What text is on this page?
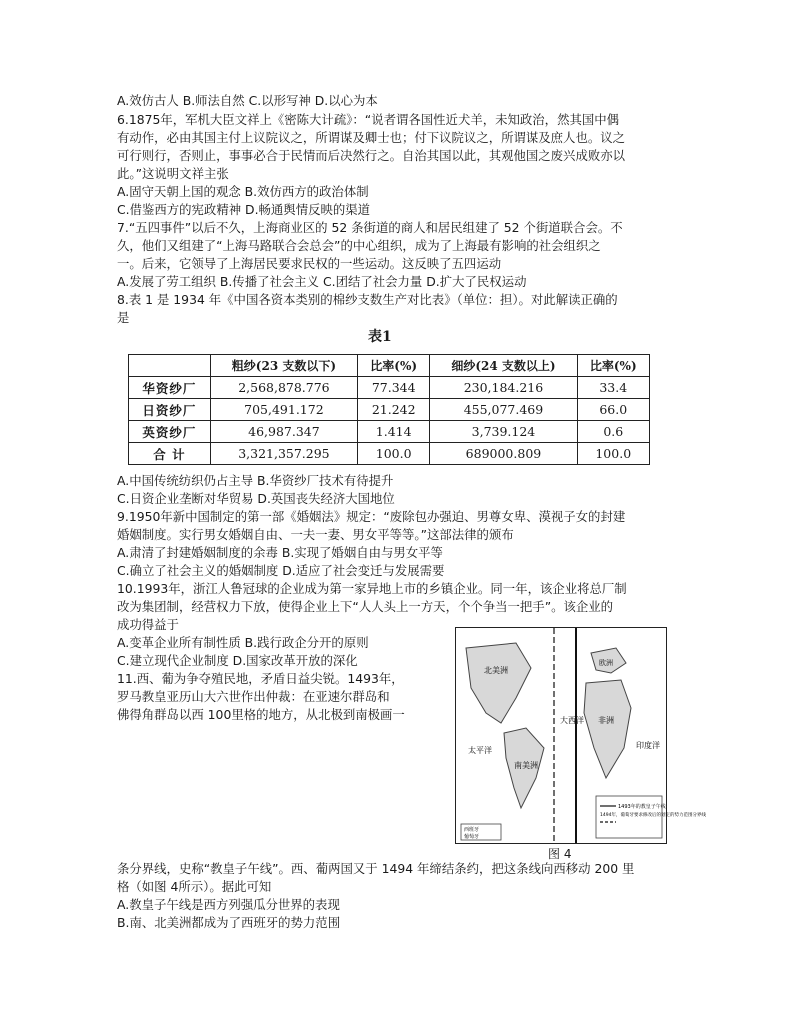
A.效仿古人 B.师法自然 C.以形写神 D.以心为本
6.1875年，军机大臣文祥上《密陈大计疏》：“说者谓各国性近犬羊，未知政治，然其国中偶
有动作，必由其国主付上议院议之，所谓谋及卿士也；付下议院议之，所谓谋及庶人也。议之
可行则行，否则止，事事必合于民情而后决然行之。自治其国以此，其观他国之废兴成败亦以
此。”这说明文祥主张
A.固守天朝上国的观念 B.效仿西方的政治体制
C.借鉴西方的宪政精神 D.畅通舆情反映的渠道
7.“五四事件”以后不久，上海商业区的 52 条街道的商人和居民组建了 52 个街道联合会。不
久，他们又组建了“上海马路联合会总会”的中心组织，成为了上海最有影响的社会组织之
一。后来，它领导了上海居民要求民权的一些运动。这反映了五四运动
A.发展了劳工组织 B.传播了社会主义 C.团结了社会力量 D.扩大了民权运动
8.表 1 是 1934 年《中国各资本类别的棉纱支数生产对比表》（单位：担）。对此解读正确的
是
表1
	粗纱(23 支数以下)	比率(%)	细纱(24 支数以上)	比率(%)
华资纱厂	2,568,878.776	77.344	230,184.216	33.4
日资纱厂	705,491.172	21.242	455,077.469	66.0
英资纱厂	46,987.347	1.414	3,739.124	0.6
合 计	3,321,357.295	100.0	689000.809	100.0
A.中国传统纺织仍占主导 B.华资纱厂技术有待提升
C.日资企业垄断对华贸易 D.英国丧失经济大国地位
9.1950年新中国制定的第一部《婚姻法》规定：“废除包办强迫、男尊女卑、漠视子女的封建
婚姻制度。实行男女婚姻自由、一夫一妻、男女平等等。”这部法律的颁布
A.肃清了封建婚姻制度的余毒 B.实现了婚姻自由与男女平等
C.确立了社会主义的婚姻制度 D.适应了社会变迁与发展需要
10.1993年，浙江人鲁冠球的企业成为第一家异地上市的乡镇企业。同一年，该企业将总厂制
改为集团制，经营权力下放，使得企业上下“人人头上一方天，个个争当一把手”。该企业的
成功得益于
A.变革企业所有制性质 B.践行政企分开的原则
C.建立现代企业制度 D.国家改革开放的深化
11.西、葡为争夺殖民地，矛盾日益尖锐。1493年，
罗马教皇亚历山大六世作出仲裁：在亚速尔群岛和
佛得角群岛以西 100里格的地方，从北极到南极画一
北美洲
南美洲
大西洋
太平洋
非洲
印度洋
欧洲
1493年的教皇子午线
1494年，葡萄牙要求修改后的划定的势力范围分界线
西班牙
葡萄牙
图 4
条分界线，史称“教皇子午线”。西、葡两国又于 1494 年缔结条约，把这条线向西移动 200 里
格（如图 4所示）。据此可知
A.教皇子午线是西方列强瓜分世界的表现
B.南、北美洲都成为了西班牙的势力范围
